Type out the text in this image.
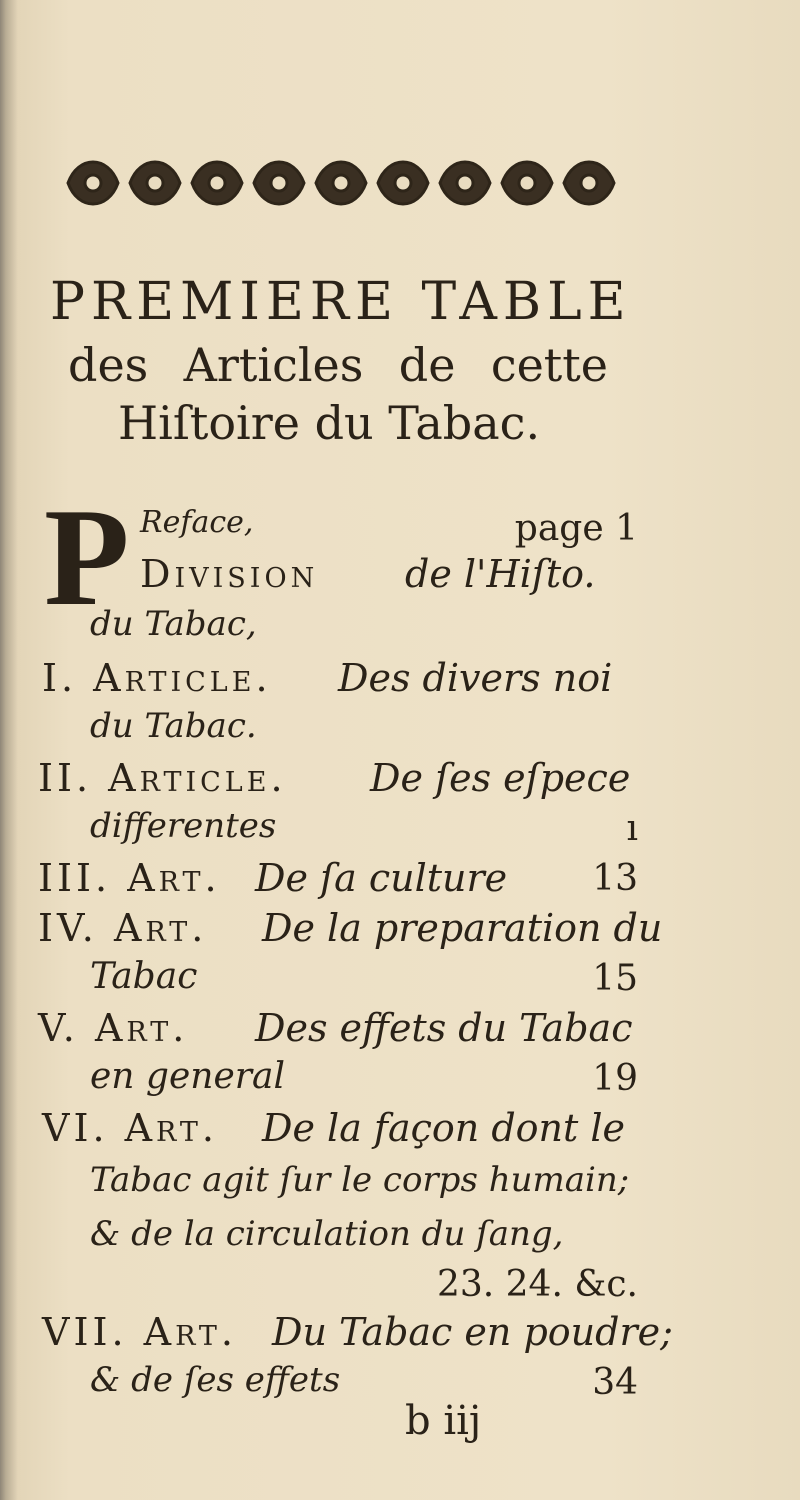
PREMIERE TABLE
des Articles de cette
Hiſtoire du Tabac.
P Reface,	page 1
Division de l'Hiſto.
du Tabac,
I. Article. Des divers noi
du Tabac.
II. Article. De ſes eſpece
differentes	ı
III. Art. De ſa culture 13
IV. Art. De la preparation du
Tabac	15
V. Art. Des effets du Tabac
en general	19
VI. Art. De la façon dont le
Tabac agit ſur le corps humain;
& de la circulation du ſang,
23. 24. &c.
VII. Art. Du Tabac en poudre;
& de ſes effets	34
b iij
